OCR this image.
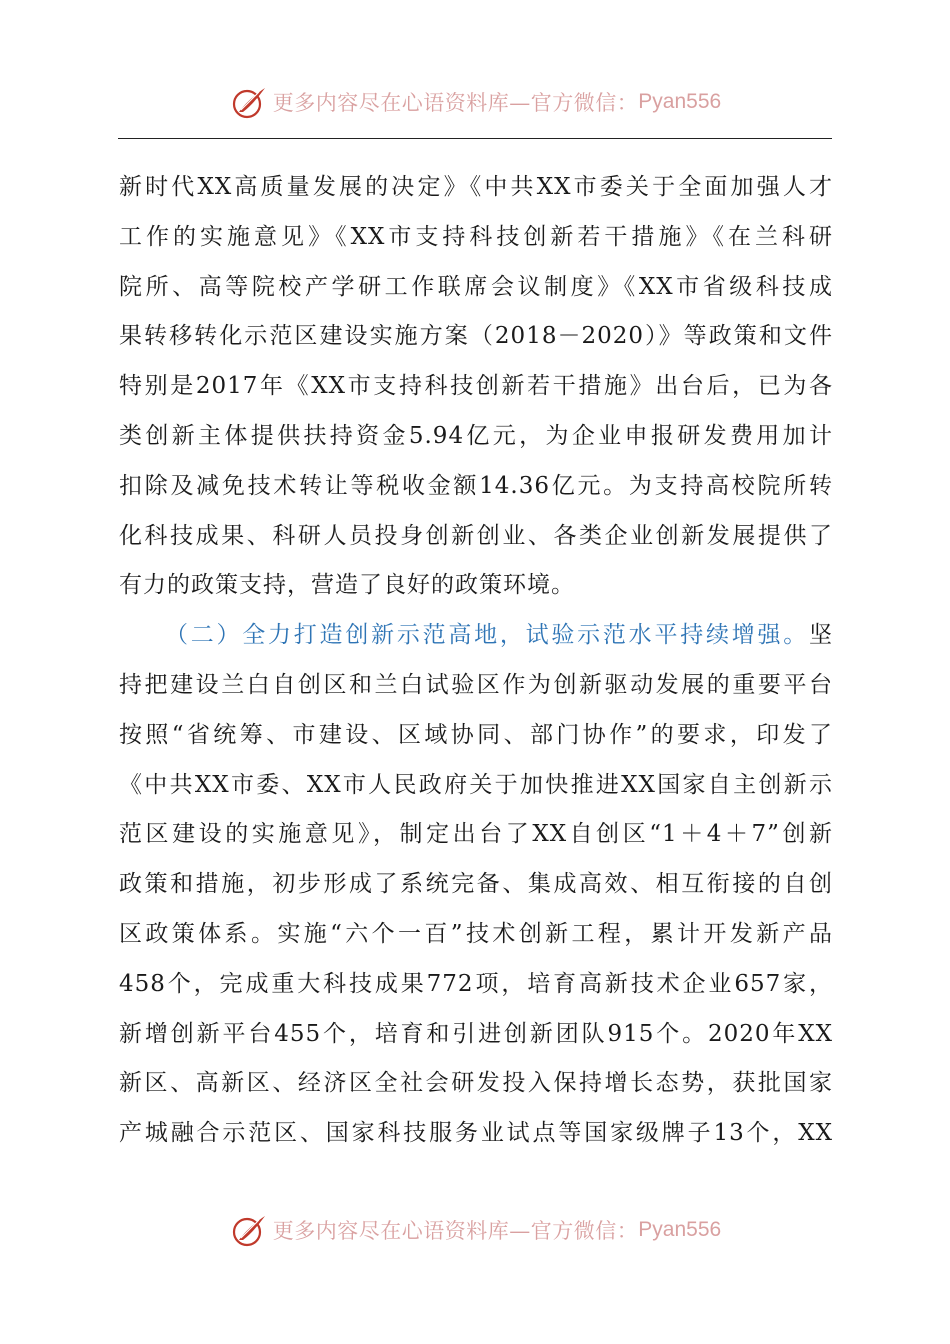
更多内容尽在心语资料库—官方微信： Pyan556
新时代XX高质量发展的决定》《中共XX市委关于全面加强人才
工作的实施意见》《XX市支持科技创新若干措施》《在兰科研
院所、高等院校产学研工作联席会议制度》《XX市省级科技成
果转移转化示范区建设实施方案（2018－2020）》等政策和文件
特别是2017年《XX市支持科技创新若干措施》出台后，已为各
类创新主体提供扶持资金5.94亿元，为企业申报研发费用加计
扣除及减免技术转让等税收金额14.36亿元。为支持高校院所转
化科技成果、科研人员投身创新创业、各类企业创新发展提供了
有力的政策支持，营造了良好的政策环境。
（二）全力打造创新示范高地，试验示范水平持续增强。坚
持把建设兰白自创区和兰白试验区作为创新驱动发展的重要平台
按照“省统筹、市建设、区域协同、部门协作”的要求，印发了
《中共XX市委、XX市人民政府关于加快推进XX国家自主创新示
范区建设的实施意见》，制定出台了XX自创区“1＋4＋7”创新
政策和措施，初步形成了系统完备、集成高效、相互衔接的自创
区政策体系。实施“六个一百”技术创新工程，累计开发新产品
458个，完成重大科技成果772项，培育高新技术企业657家，
新增创新平台455个，培育和引进创新团队915个。2020年XX
新区、高新区、经济区全社会研发投入保持增长态势，获批国家
产城融合示范区、国家科技服务业试点等国家级牌子13个，XX
更多内容尽在心语资料库—官方微信： Pyan556
